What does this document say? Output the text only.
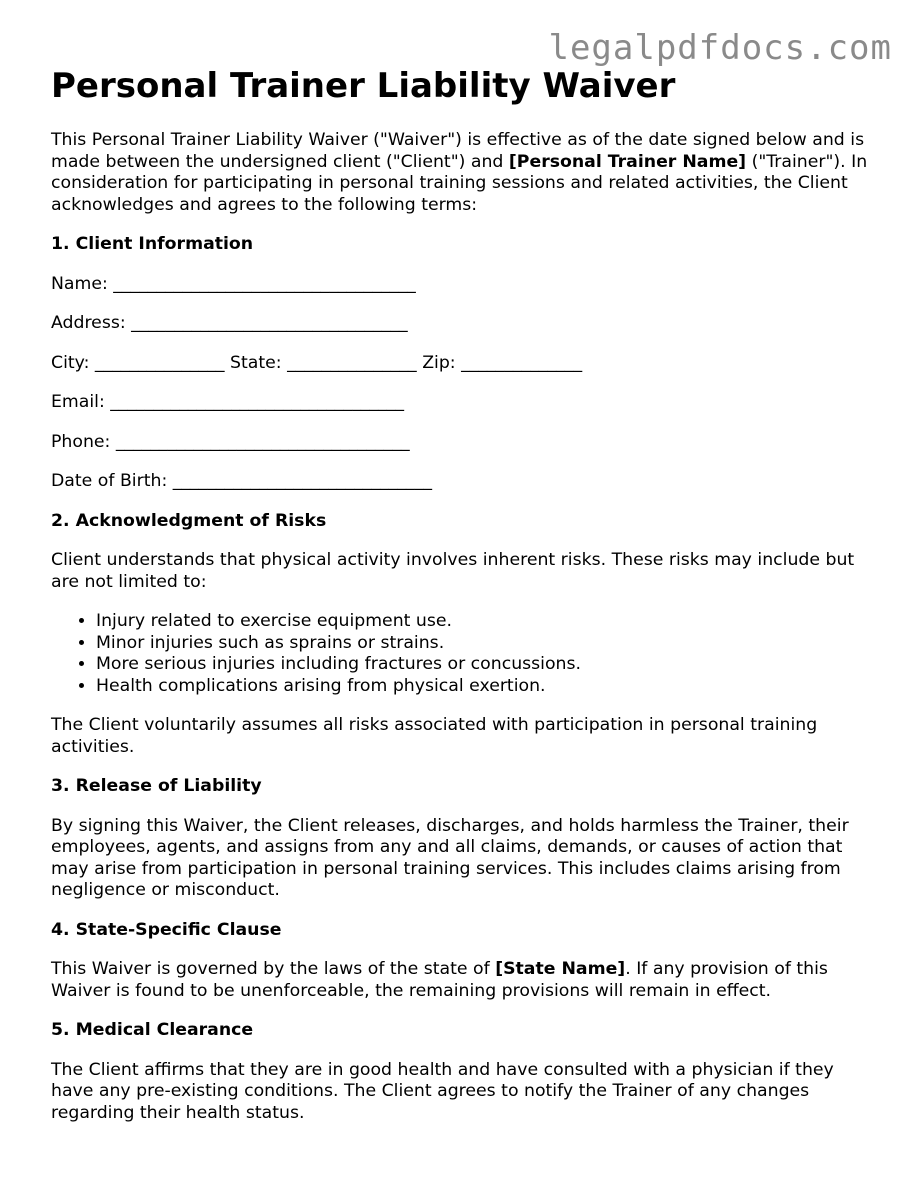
legalpdfdocs.com
Personal Trainer Liability Waiver

This Personal Trainer Liability Waiver ("Waiver") is effective as of the date signed below and is made between the undersigned client ("Client") and [Personal Trainer Name] ("Trainer"). In consideration for participating in personal training sessions and related activities, the Client acknowledges and agrees to the following terms:

1. Client Information
Name: ___________________________________
Address: ________________________________
City: _______________ State: _______________ Zip: ______________
Email: __________________________________
Phone: __________________________________
Date of Birth: ______________________________
2. Acknowledgment of Risks

Client understands that physical activity involves inherent risks. These risks may include but are not limited to:

• Injury related to exercise equipment use.
• Minor injuries such as sprains or strains.
• More serious injuries including fractures or concussions.
• Health complications arising from physical exertion.

The Client voluntarily assumes all risks associated with participation in personal training activities.

3. Release of Liability

By signing this Waiver, the Client releases, discharges, and holds harmless the Trainer, their employees, agents, and assigns from any and all claims, demands, or causes of action that may arise from participation in personal training services. This includes claims arising from negligence or misconduct.

4. State-Specific Clause

This Waiver is governed by the laws of the state of [State Name]. If any provision of this Waiver is found to be unenforceable, the remaining provisions will remain in effect.

5. Medical Clearance

The Client affirms that they are in good health and have consulted with a physician if they have any pre-existing conditions. The Client agrees to notify the Trainer of any changes regarding their health status.
